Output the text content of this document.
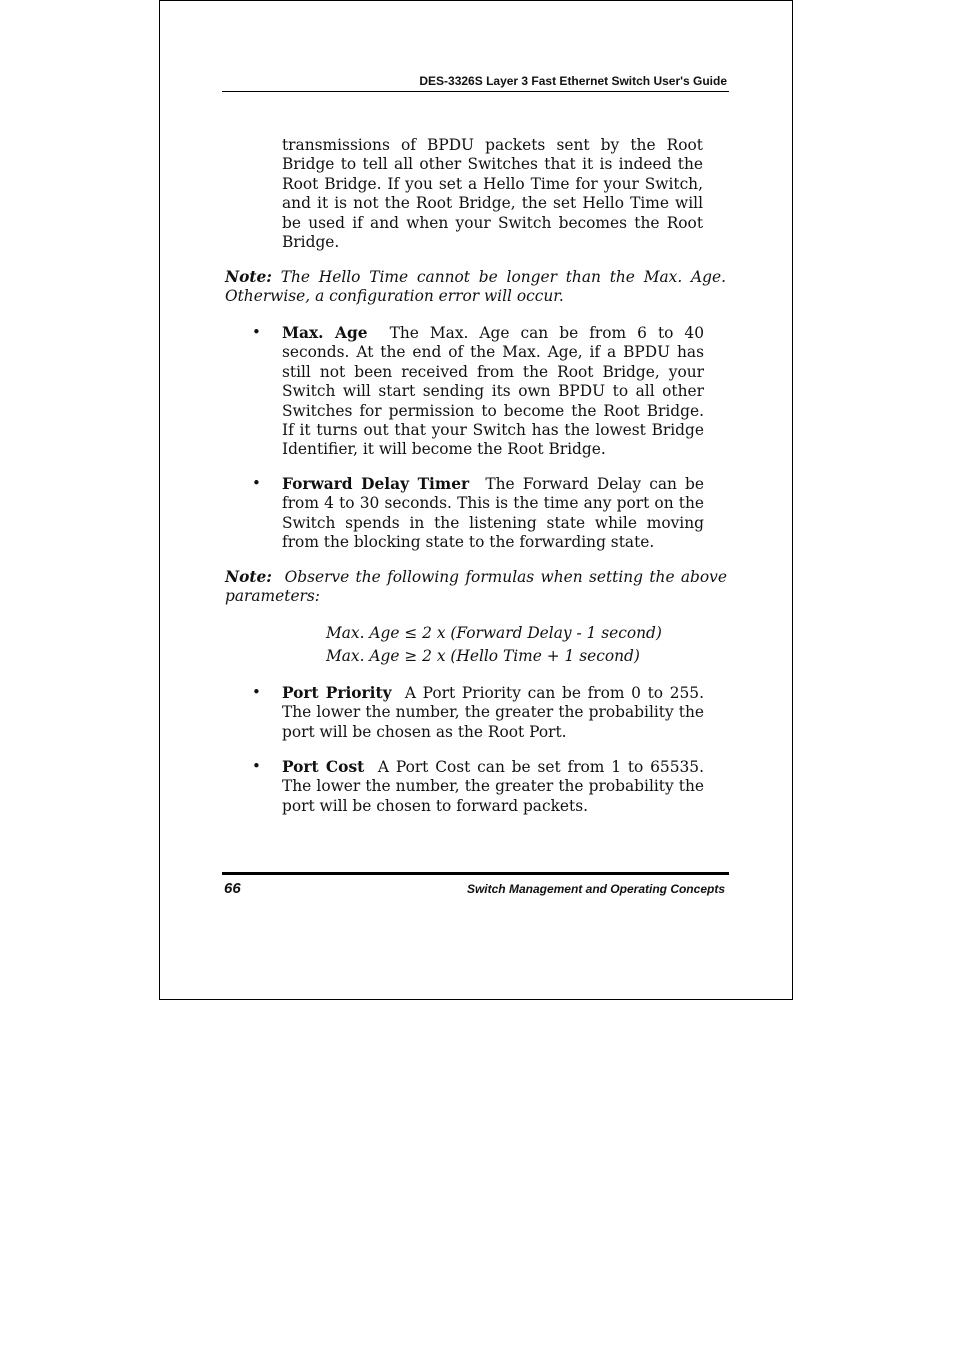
DES-3326S Layer 3 Fast Ethernet Switch User's Guide
transmissions of BPDU packets sent by the Root Bridge to tell all other Switches that it is indeed the Root Bridge. If you set a Hello Time for your Switch, and it is not the Root Bridge, the set Hello Time will be used if and when your Switch becomes the Root Bridge.
Note: The Hello Time cannot be longer than the Max. Age. Otherwise, a configuration error will occur.
• Max. Age The Max. Age can be from 6 to 40 seconds. At the end of the Max. Age, if a BPDU has still not been received from the Root Bridge, your Switch will start sending its own BPDU to all other Switches for permission to become the Root Bridge. If it turns out that your Switch has the lowest Bridge Identifier, it will become the Root Bridge.
• Forward Delay Timer The Forward Delay can be from 4 to 30 seconds. This is the time any port on the Switch spends in the listening state while moving from the blocking state to the forwarding state.
Note: Observe the following formulas when setting the above parameters:
Max. Age ≤ 2 x (Forward Delay - 1 second)
Max. Age ≥ 2 x (Hello Time + 1 second)
• Port Priority A Port Priority can be from 0 to 255. The lower the number, the greater the probability the port will be chosen as the Root Port.
• Port Cost A Port Cost can be set from 1 to 65535. The lower the number, the greater the probability the port will be chosen to forward packets.
66	Switch Management and Operating Concepts
